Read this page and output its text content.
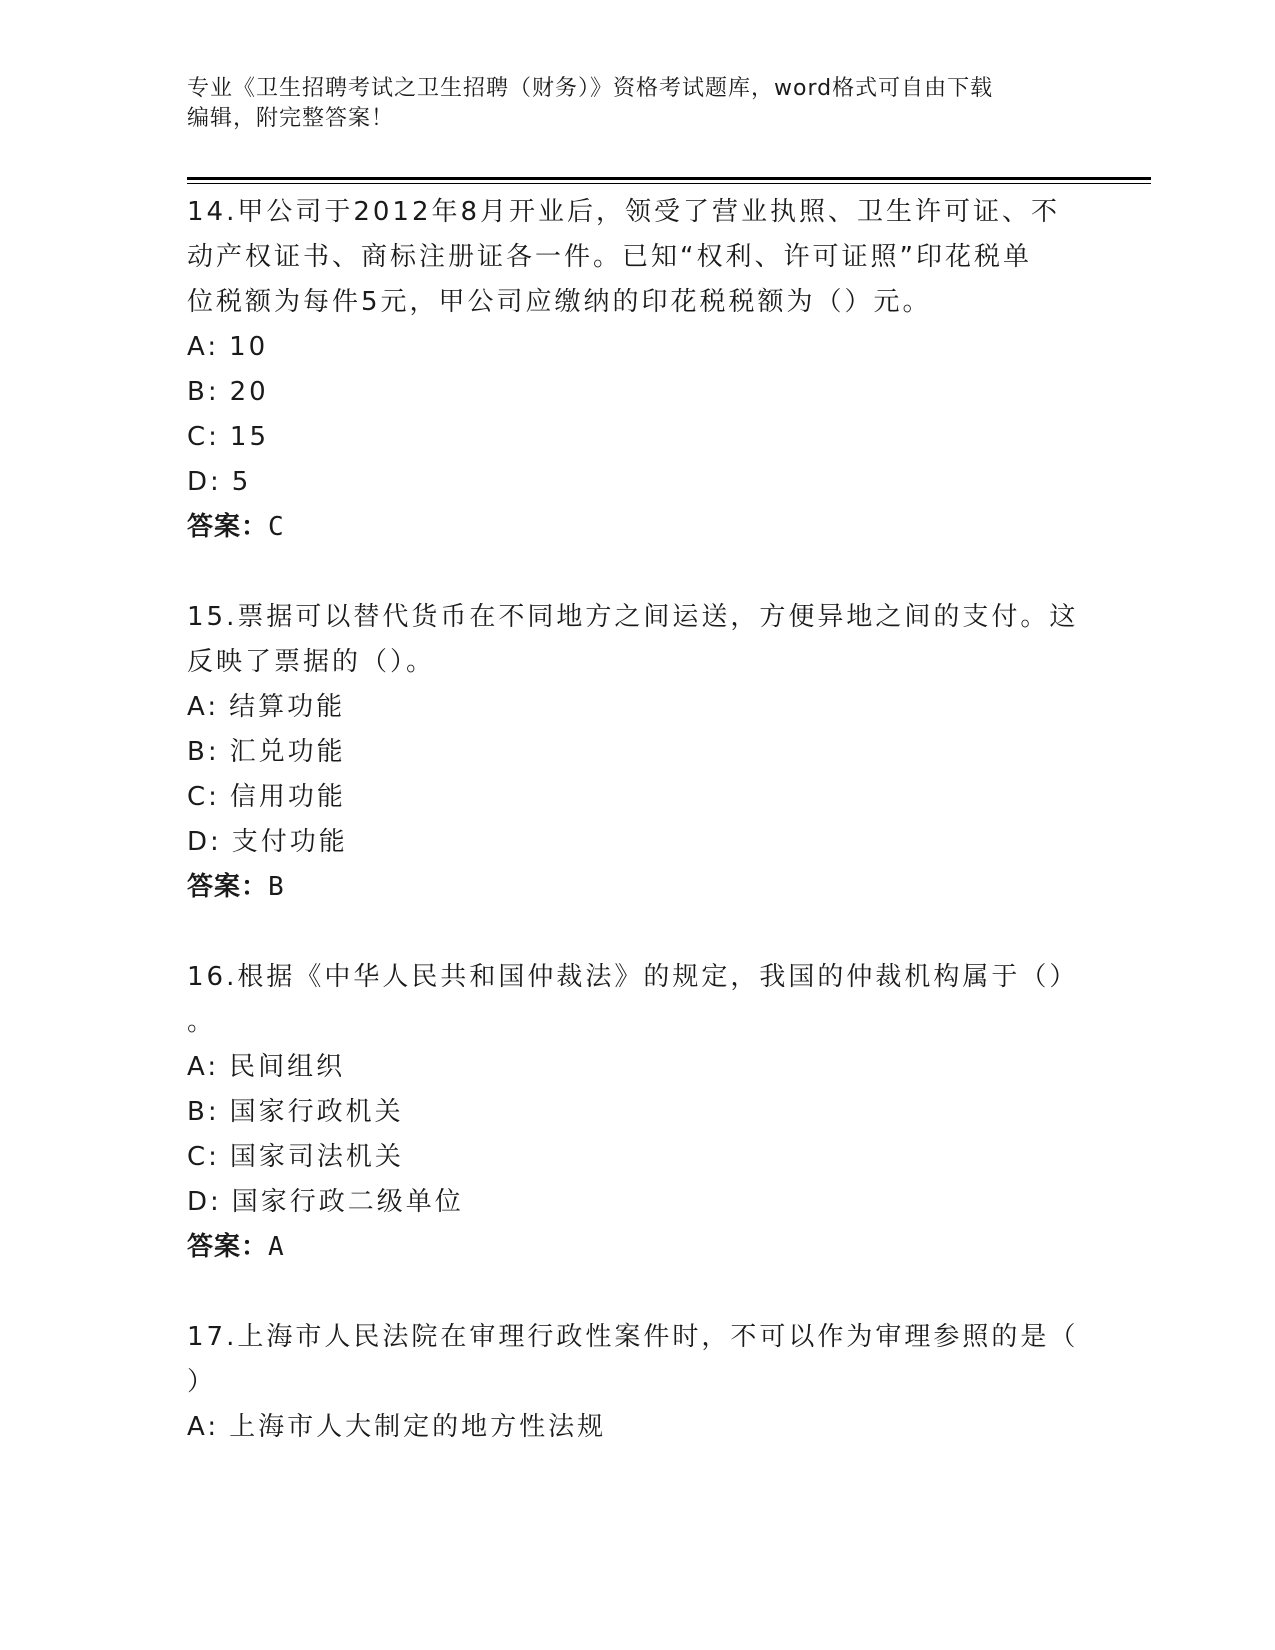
专业《卫生招聘考试之卫生招聘（财务）》资格考试题库，word格式可自由下载
编辑，附完整答案！
14.甲公司于2012年8月开业后，领受了营业执照、卫生许可证、不
动产权证书、商标注册证各一件。已知“权利、许可证照”印花税单
位税额为每件5元，甲公司应缴纳的印花税税额为（）元。
A: 10
B: 20
C: 15
D: 5
答案：C
15.票据可以替代货币在不同地方之间运送，方便异地之间的支付。这
反映了票据的（）。
A: 结算功能
B: 汇兑功能
C: 信用功能
D: 支付功能
答案：B
16.根据《中华人民共和国仲裁法》的规定，我国的仲裁机构属于（）
。
A: 民间组织
B: 国家行政机关
C: 国家司法机关
D: 国家行政二级单位
答案：A
17.上海市人民法院在审理行政性案件时，不可以作为审理参照的是（
）
A: 上海市人大制定的地方性法规
